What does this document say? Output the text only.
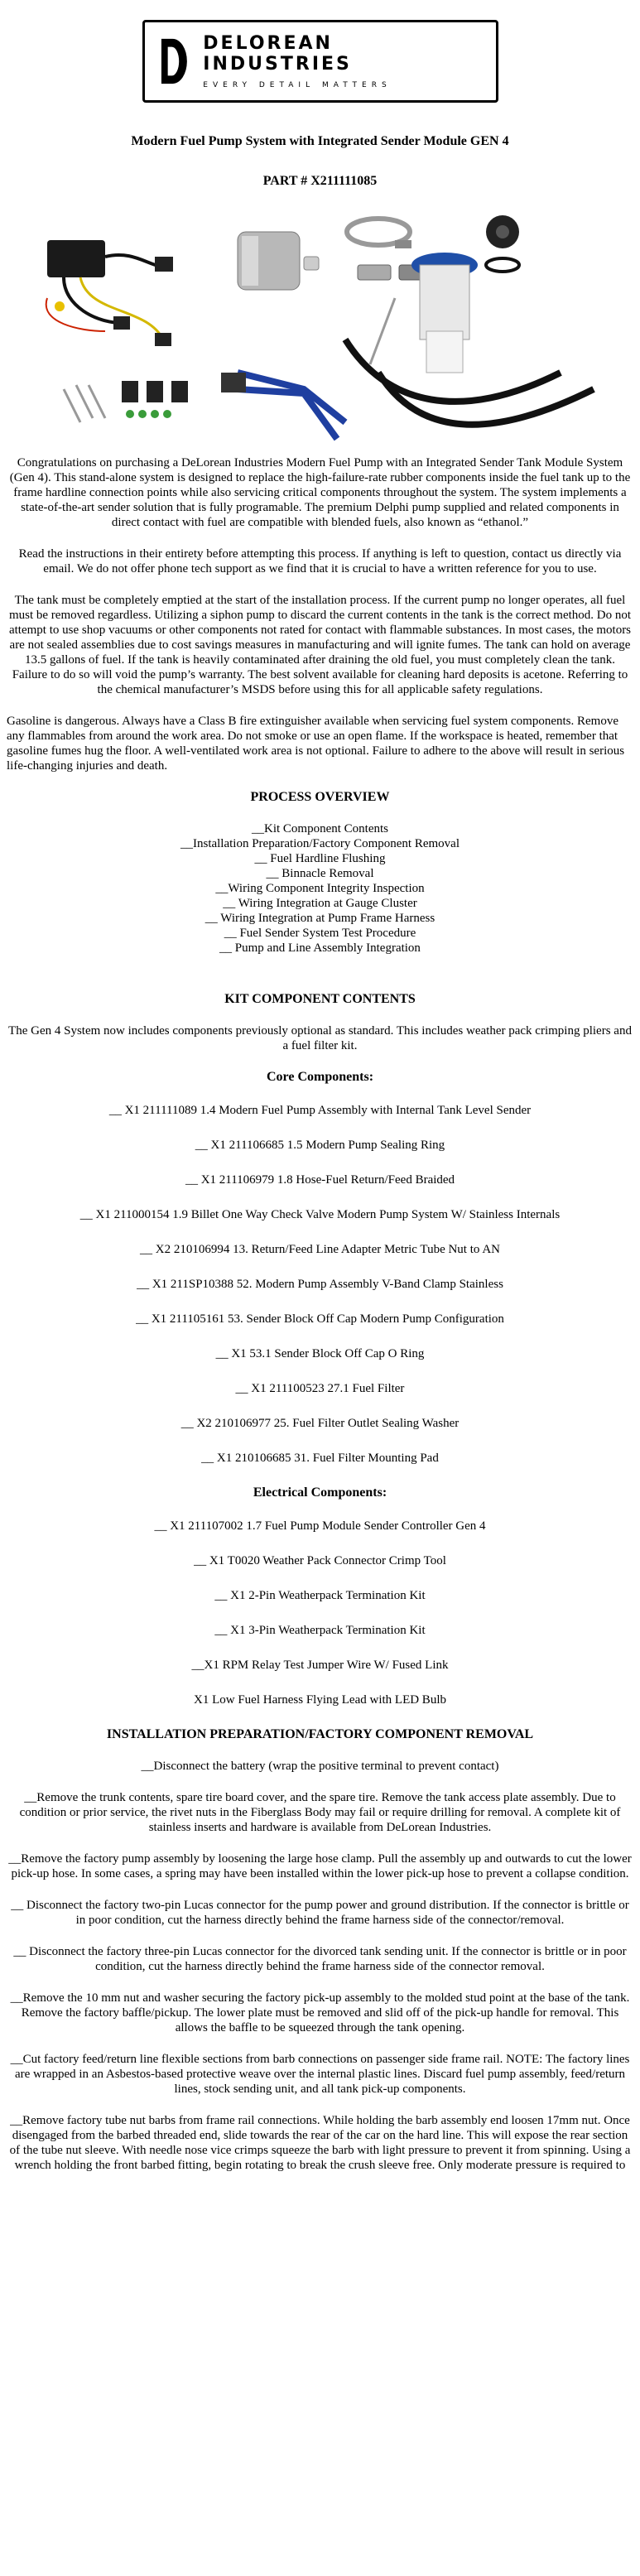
DELOREAN INDUSTRIES
EVERY DETAIL MATTERS
Modern Fuel Pump System with Integrated Sender Module GEN 4
PART # X211111085

Congratulations on purchasing a DeLorean Industries Modern Fuel Pump with an Integrated Sender Tank Module System (Gen 4). This stand-alone system is designed to replace the high-failure-rate rubber components inside the fuel tank up to the frame hardline connection points while also servicing critical components throughout the system. The system implements a state-of-the-art sender solution that is fully programable. The premium Delphi pump supplied and related components in direct contact with fuel are compatible with blended fuels, also known as “ethanol.”

Read the instructions in their entirety before attempting this process. If anything is left to question, contact us directly via email. We do not offer phone tech support as we find that it is crucial to have a written reference for you to use.

The tank must be completely emptied at the start of the installation process. If the current pump no longer operates, all fuel must be removed regardless. Utilizing a siphon pump to discard the current contents in the tank is the correct method. Do not attempt to use shop vacuums or other components not rated for contact with flammable substances. In most cases, the motors are not sealed assemblies due to cost savings measures in manufacturing and will ignite fumes. The tank can hold on average 13.5 gallons of fuel. If the tank is heavily contaminated after draining the old fuel, you must completely clean the tank. Failure to do so will void the pump’s warranty. The best solvent available for cleaning hard deposits is acetone. Referring to the chemical manufacturer’s MSDS before using this for all applicable safety regulations.

Gasoline is dangerous. Always have a Class B fire extinguisher available when servicing fuel system components. Remove any flammables from around the work area. Do not smoke or use an open flame. If the workspace is heated, remember that gasoline fumes hug the floor. A well-ventilated work area is not optional. Failure to adhere to the above will result in serious life-changing injuries and death.

PROCESS OVERVIEW
__Kit Component Contents
__Installation Preparation/Factory Component Removal
__ Fuel Hardline Flushing
__ Binnacle Removal
__Wiring Component Integrity Inspection
__ Wiring Integration at Gauge Cluster
__ Wiring Integration at Pump Frame Harness
__ Fuel Sender System Test Procedure
__ Pump and Line Assembly Integration
KIT COMPONENT CONTENTS

The Gen 4 System now includes components previously optional as standard. This includes weather pack crimping pliers and a fuel filter kit.

Core Components:
__ X1 211111089 1.4 Modern Fuel Pump Assembly with Internal Tank Level Sender
__ X1 211106685 1.5 Modern Pump Sealing Ring
__ X1 211106979 1.8 Hose-Fuel Return/Feed Braided
__ X1 211000154 1.9 Billet One Way Check Valve Modern Pump System W/ Stainless Internals
__ X2 210106994 13. Return/Feed Line Adapter Metric Tube Nut to AN
__ X1 211SP10388 52. Modern Pump Assembly V-Band Clamp Stainless
__ X1 211105161 53. Sender Block Off Cap Modern Pump Configuration
__ X1 53.1 Sender Block Off Cap O Ring
__ X1 211100523 27.1 Fuel Filter
__ X2 210106977 25. Fuel Filter Outlet Sealing Washer
__ X1 210106685 31. Fuel Filter Mounting Pad
Electrical Components:
__ X1 211107002 1.7 Fuel Pump Module Sender Controller Gen 4
__ X1 T0020 Weather Pack Connector Crimp Tool
__ X1 2-Pin Weatherpack Termination Kit
__ X1 3-Pin Weatherpack Termination Kit
__X1 RPM Relay Test Jumper Wire W/ Fused Link
X1 Low Fuel Harness Flying Lead with LED Bulb
INSTALLATION PREPARATION/FACTORY COMPONENT REMOVAL
__Disconnect the battery (wrap the positive terminal to prevent contact)
__Remove the trunk contents, spare tire board cover, and the spare tire. Remove the tank access plate assembly. Due to condition or prior service, the rivet nuts in the Fiberglass Body may fail or require drilling for removal. A complete kit of stainless inserts and hardware is available from DeLorean Industries.
__Remove the factory pump assembly by loosening the large hose clamp. Pull the assembly up and outwards to cut the lower pick-up hose. In some cases, a spring may have been installed within the lower pick-up hose to prevent a collapse condition.
__ Disconnect the factory two-pin Lucas connector for the pump power and ground distribution. If the connector is brittle or in poor condition, cut the harness directly behind the frame harness side of the connector/removal.
__ Disconnect the factory three-pin Lucas connector for the divorced tank sending unit. If the connector is brittle or in poor condition, cut the harness directly behind the frame harness side of the connector removal.
__Remove the 10 mm nut and washer securing the factory pick-up assembly to the molded stud point at the base of the tank. Remove the factory baffle/pickup. The lower plate must be removed and slid off of the pick-up handle for removal. This allows the baffle to be squeezed through the tank opening.
__Cut factory feed/return line flexible sections from barb connections on passenger side frame rail. NOTE: The factory lines are wrapped in an Asbestos-based protective weave over the internal plastic lines. Discard fuel pump assembly, feed/return lines, stock sending unit, and all tank pick-up components.
__Remove factory tube nut barbs from frame rail connections. While holding the barb assembly end loosen 17mm nut. Once disengaged from the barbed threaded end, slide towards the rear of the car on the hard line. This will expose the rear section of the tube nut sleeve. With needle nose vice crimps squeeze the barb with light pressure to prevent it from spinning. Using a wrench holding the front barbed fitting, begin rotating to break the crush sleeve free. Only moderate pressure is required to
